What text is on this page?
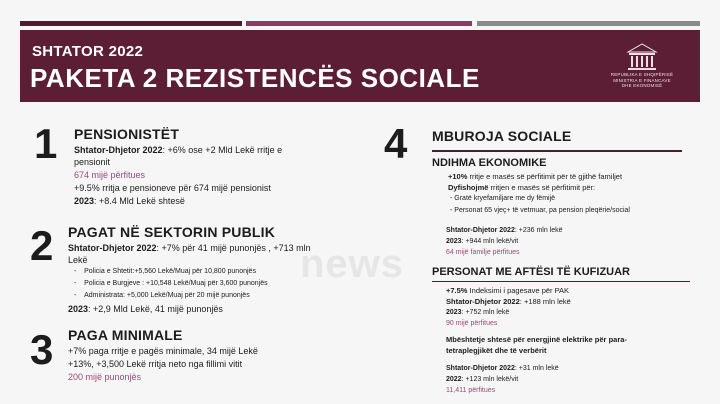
SHTATOR 2022
PAKETA 2 REZISTENCËS SOCIALE	REPUBLIKA E SHQIPËRISË
MINISTRIA E FINANCAVE
DHE EKONOMISË
news
1 PENSIONISTËT
Shtator-Dhjetor 2022: +6% ose +2 Mld Lekë rritje e
pensionit
674 mijë përfitues
+9.5% rritja e pensioneve për 674 mijë pensionist
2023: +8.4 Mld Lekë shtesë
2 PAGAT NË SEKTORIN PUBLIK
Shtator-Dhjetor 2022: +7% për 41 mijë punonjës , +713 mln
Lekë
-    Policia e Shtetit:+5,560 Lekë/Muaj për 10,800 punonjës
-    Policia e Burgjeve : +10,548 Lekë/Muaj për 3,600 punonjës
-    Administrata: +5,000 Lekë/Muaj për 20 mijë punonjës
2023: +2,9 Mld Lekë, 41 mijë punonjës
3 PAGA MINIMALE
+7% paga rritje e pagës minimale, 34 mijë Lekë
+13%, +3,500 Lekë rritja neto nga fillimi vitit
200 mijë punonjës
4 MBUROJA SOCIALE
NDIHMA EKONOMIKE
+10% rritje e masës së përfitimit për të gjithë familjet
Dyfishojmë rritjen e masës së përfitimit për:
- Gratë kryefamiljare me dy fëmijë
- Personat 65 vjeç+ të vetmuar, pa pension pleqërie/social
Shtator-Dhjetor 2022: +236 mln lekë
2023: +944 mln lekë/vit
64 mijë familje përfitues
PERSONAT ME AFTËSI TË KUFIZUAR
+7.5% Indeksimi i pagesave për PAK
Shtator-Dhjetor 2022: +188 mln lekë
2023: +752 mln lekë
90 mijë përfitues
Mbështetje shtesë për energjinë elektrike për para-
tetraplegjikët dhe të verbërit
Shtator-Dhjetor 2022: +31 mln lekë
2022: +123 mln lekë/vit
11,411 përfitues
